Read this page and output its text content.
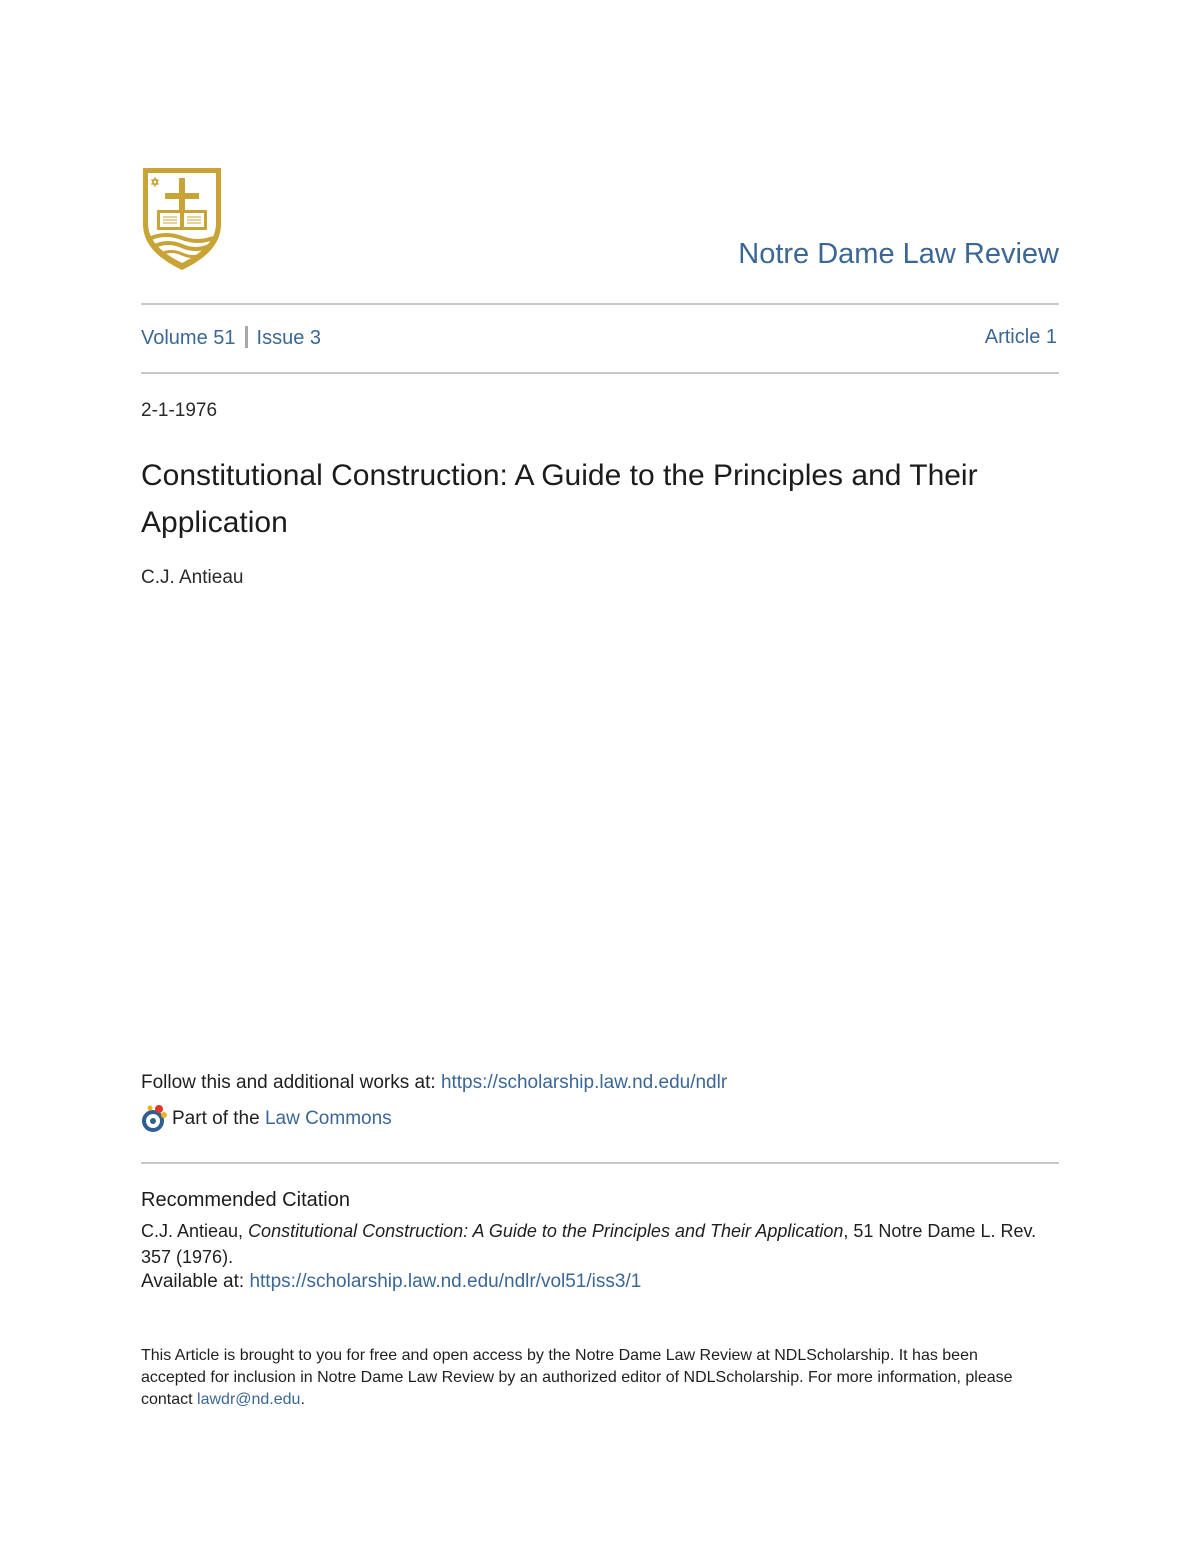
Notre Dame Law Review
Volume 51 Issue 3	Article 1
2-1-1976
Constitutional Construction: A Guide to the Principles and Their Application
C.J. Antieau
Follow this and additional works at: https://scholarship.law.nd.edu/ndlr
Part of the
Law Commons
Recommended Citation
C.J. Antieau, Constitutional Construction: A Guide to the Principles and Their Application, 51 Notre Dame L. Rev. 357 (1976).
Available at: https://scholarship.law.nd.edu/ndlr/vol51/iss3/1
This Article is brought to you for free and open access by the Notre Dame Law Review at NDLScholarship. It has been accepted for inclusion in Notre Dame Law Review by an authorized editor of NDLScholarship. For more information, please contact lawdr@nd.edu.
